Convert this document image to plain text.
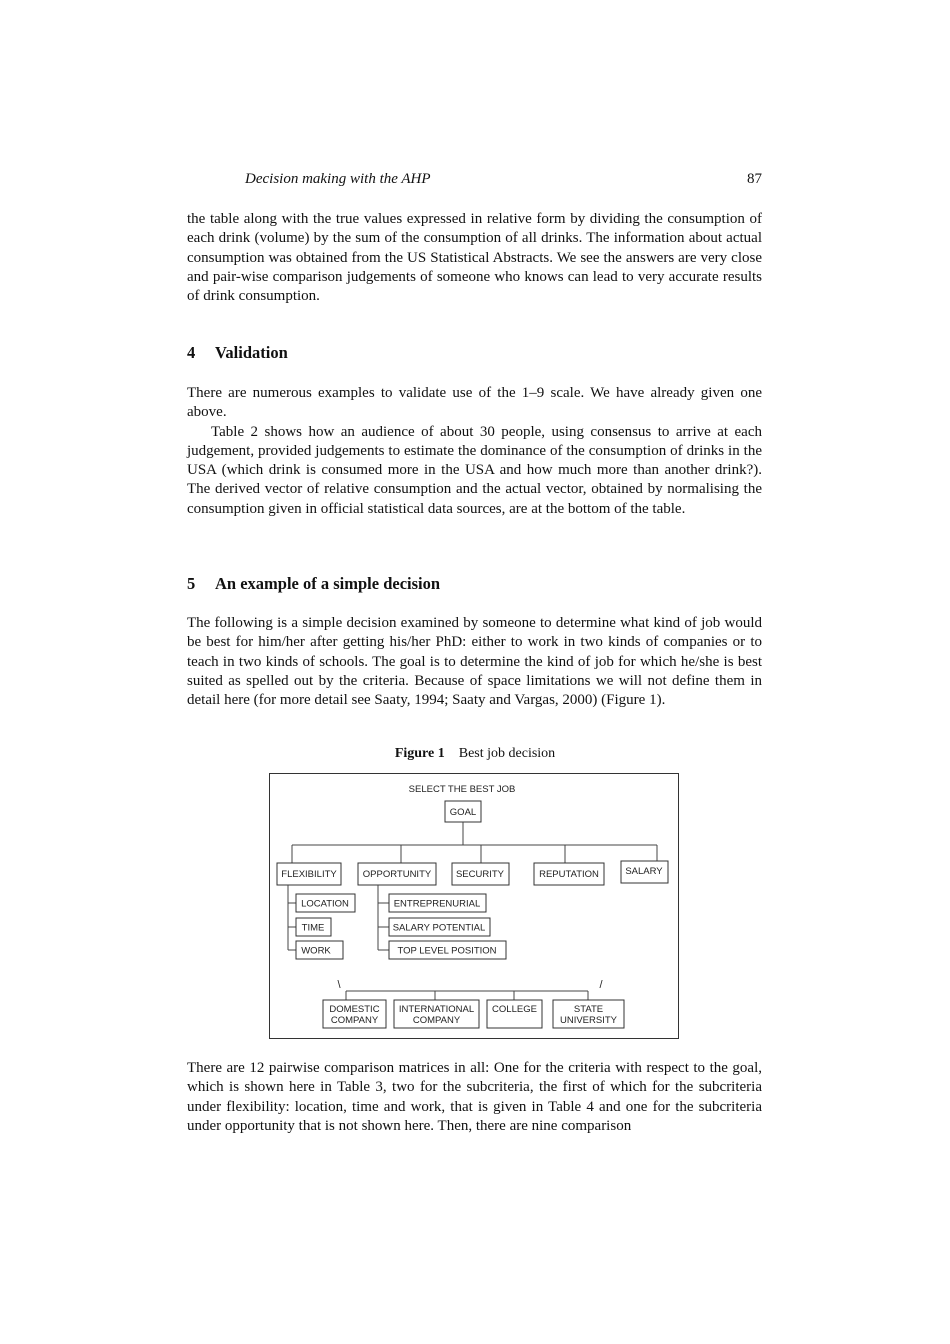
Decision making with the AHP	87

the table along with the true values expressed in relative form by dividing the consumption of each drink (volume) by the sum of the consumption of all drinks. The information about actual consumption was obtained from the US Statistical Abstracts. We see the answers are very close and pair-wise comparison judgements of someone who knows can lead to very accurate results of drink consumption.

4 Validation

There are numerous examples to validate use of the 1–9 scale. We have already given one above.

Table 2 shows how an audience of about 30 people, using consensus to arrive at each judgement, provided judgements to estimate the dominance of the consumption of drinks in the USA (which drink is consumed more in the USA and how much more than another drink?). The derived vector of relative consumption and the actual vector, obtained by normalising the consumption given in official statistical data sources, are at the bottom of the table.

5 An example of a simple decision

The following is a simple decision examined by someone to determine what kind of job would be best for him/her after getting his/her PhD: either to work in two kinds of companies or to teach in two kinds of schools. The goal is to determine the kind of job for which he/she is best suited as spelled out by the criteria. Because of space limitations we will not define them in detail here (for more detail see Saaty, 1994; Saaty and Vargas, 2000) (Figure 1).

Figure 1 Best job decision
SELECT THE BEST JOB
GOAL
FLEXIBILITY	OPPORTUNITY	SECURITY	REPUTATION	SALARY
LOCATION
TIME
WORK
ENTREPRENURIAL
SALARY POTENTIAL
TOP LEVEL POSITION
\	/
DOMESTIC
COMPANY
INTERNATIONAL
COMPANY
COLLEGE	STATE
UNIVERSITY

There are 12 pairwise comparison matrices in all: One for the criteria with respect to the goal, which is shown here in Table 3, two for the subcriteria, the first of which for the subcriteria under flexibility: location, time and work, that is given in Table 4 and one for the subcriteria under opportunity that is not shown here. Then, there are nine comparison
